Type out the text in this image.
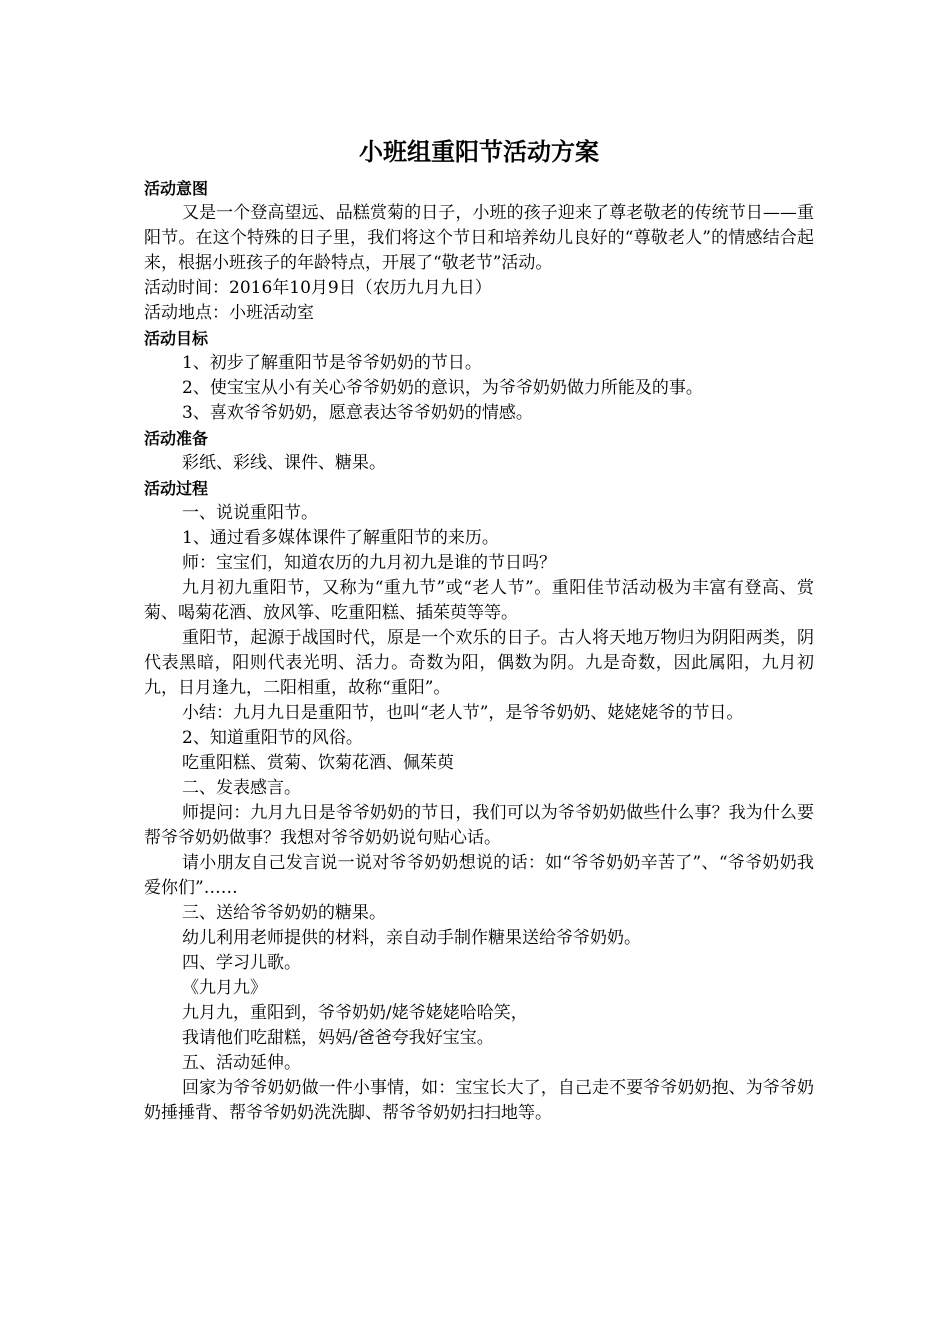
小班组重阳节活动方案
活动意图

又是一个登高望远、品糕赏菊的日子，小班的孩子迎来了尊老敬老的传统节日——重阳节。在这个特殊的日子里，我们将这个节日和培养幼儿良好的“尊敬老人”的情感结合起来，根据小班孩子的年龄特点，开展了“敬老节”活动。

活动时间：2016年10月9日（农历九月九日）

活动地点：小班活动室

活动目标

1、初步了解重阳节是爷爷奶奶的节日。

2、使宝宝从小有关心爷爷奶奶的意识，为爷爷奶奶做力所能及的事。

3、喜欢爷爷奶奶，愿意表达爷爷奶奶的情感。

活动准备

彩纸、彩线、课件、糖果。

活动过程

一、说说重阳节。

1、通过看多媒体课件了解重阳节的来历。

师：宝宝们，知道农历的九月初九是谁的节日吗？

九月初九重阳节，又称为“重九节”或“老人节”。重阳佳节活动极为丰富有登高、赏菊、喝菊花酒、放风筝、吃重阳糕、插茱萸等等。

重阳节，起源于战国时代，原是一个欢乐的日子。古人将天地万物归为阴阳两类，阴代表黑暗，阳则代表光明、活力。奇数为阳，偶数为阴。九是奇数，因此属阳，九月初九，日月逢九，二阳相重，故称“重阳”。

小结：九月九日是重阳节，也叫“老人节”，是爷爷奶奶、姥姥姥爷的节日。

2、知道重阳节的风俗。

吃重阳糕、赏菊、饮菊花酒、佩茱萸

二、发表感言。

师提问：九月九日是爷爷奶奶的节日，我们可以为爷爷奶奶做些什么事？我为什么要帮爷爷奶奶做事？我想对爷爷奶奶说句贴心话。

请小朋友自己发言说一说对爷爷奶奶想说的话：如“爷爷奶奶辛苦了”、“爷爷奶奶我爱你们”……

三、送给爷爷奶奶的糖果。

幼儿利用老师提供的材料，亲自动手制作糖果送给爷爷奶奶。

四、学习儿歌。

《九月九》

九月九，重阳到，爷爷奶奶/姥爷姥姥哈哈笑，

我请他们吃甜糕，妈妈/爸爸夸我好宝宝。

五、活动延伸。

回家为爷爷奶奶做一件小事情，如：宝宝长大了，自己走不要爷爷奶奶抱、为爷爷奶奶捶捶背、帮爷爷奶奶洗洗脚、帮爷爷奶奶扫扫地等。
